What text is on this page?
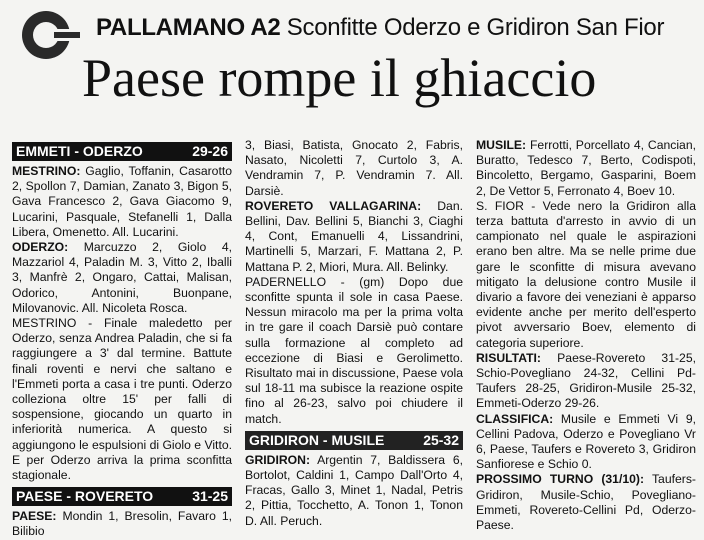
PALLAMANO A2 Sconfitte Oderzo e Gridiron San Fior
Paese rompe il ghiaccio
EMMETI - ODERZO	29-26

MESTRINO: Gaglio, Toffanin, Casarotto 2, Spollon 7, Damian, Zanato 3, Bigon 5, Gava Francesco 2, Gava Giacomo 9, Lucarini, Pasquale, Stefanelli 1, Dalla Libera, Omenetto. All. Lucarini.

ODERZO: Marcuzzo 2, Giolo 4, Mazzariol 4, Paladin M. 3, Vitto 2, Iballi 3, Manfrè 2, Ongaro, Cattai, Malisan, Odorico, Antonini, Buonpane, Milovanovic. All. Nicoleta Rosca.

MESTRINO - Finale maledetto per Oderzo, senza Andrea Paladin, che si fa raggiungere a 3' dal termine. Battute finali roventi e nervi che saltano e l'Emmeti porta a casa i tre punti. Oderzo colleziona oltre 15' per falli di sospensione, giocando un quarto in inferiorità numerica. A questo si aggiungono le espulsioni di Giolo e Vitto. E per Oderzo arriva la prima sconfitta stagionale.

PAESE - ROVERETO	31-25

PAESE: Mondin 1, Bresolin, Favaro 1, Bilibio

3, Biasi, Batista, Gnocato 2, Fabris, Nasato, Nicoletti 7, Curtolo 3, A. Vendramin 7, P. Vendramin 7. All. Darsiè.

ROVERETO VALLAGARINA: Dan. Bellini, Dav. Bellini 5, Bianchi 3, Ciaghi 4, Cont, Emanuelli 4, Lissandrini, Martinelli 5, Marzari, F. Mattana 2, P. Mattana P. 2, Miori, Mura. All. Belinky.

PADERNELLO - (gm) Dopo due sconfitte spunta il sole in casa Paese. Nessun miracolo ma per la prima volta in tre gare il coach Darsiè può contare sulla formazione al completo ad eccezione di Biasi e Gerolimetto. Risultato mai in discussione, Paese vola sul 18-11 ma subisce la reazione ospite fino al 26-23, salvo poi chiudere il match.

GRIDIRON - MUSILE	25-32

GRIDIRON: Argentin 7, Baldissera 6, Bortolot, Caldini 1, Campo Dall'Orto 4, Fracas, Gallo 3, Minet 1, Nadal, Petris 2, Pittia, Tocchetto, A. Tonon 1, Tonon D. All. Peruch.

MUSILE: Ferrotti, Porcellato 4, Cancian, Buratto, Tedesco 7, Berto, Codispoti, Bincoletto, Bergamo, Gasparini, Boem 2, De Vettor 5, Ferronato 4, Boev 10.

S. FIOR - Vede nero la Gridiron alla terza battuta d'arresto in avvio di un campionato nel quale le aspirazioni erano ben altre. Ma se nelle prime due gare le sconfitte di misura avevano mitigato la delusione contro Musile il divario a favore dei veneziani è apparso evidente anche per merito dell'esperto pivot avversario Boev, elemento di categoria superiore.

RISULTATI: Paese-Rovereto 31-25, Schio-Povegliano 24-32, Cellini Pd-Taufers 28-25, Gridiron-Musile 25-32, Emmeti-Oderzo 29-26.

CLASSIFICA: Musile e Emmeti Vi 9, Cellini Padova, Oderzo e Povegliano Vr 6, Paese, Taufers e Rovereto 3, Gridiron Sanfiorese e Schio 0.

PROSSIMO TURNO (31/10): Taufers-Gridiron, Musile-Schio, Povegliano-Emmeti, Rovereto-Cellini Pd, Oderzo-Paese.
